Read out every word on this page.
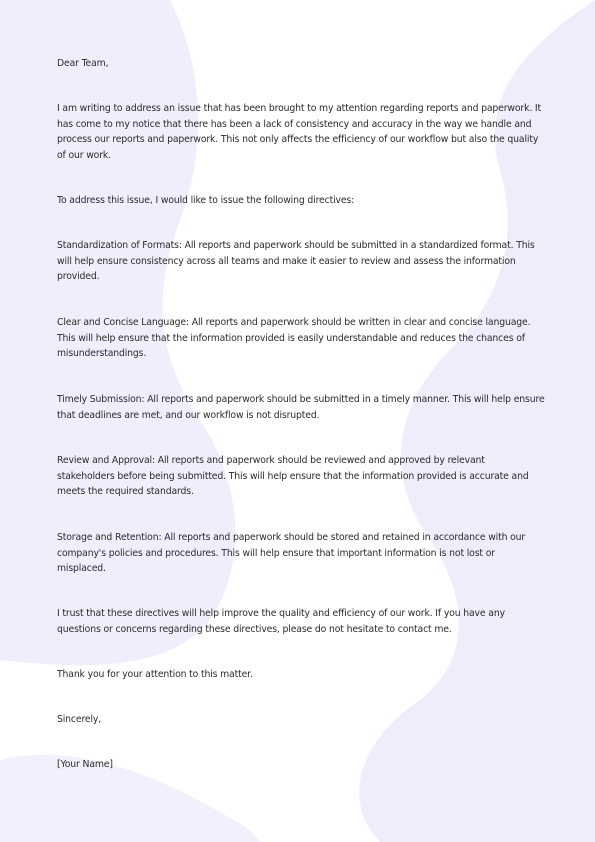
Dear Team,

I am writing to address an issue that has been brought to my attention regarding reports and paperwork. It has come to my notice that there has been a lack of consistency and accuracy in the way we handle and process our reports and paperwork. This not only affects the efficiency of our workflow but also the quality of our work.

To address this issue, I would like to issue the following directives:

Standardization of Formats: All reports and paperwork should be submitted in a standardized format. This will help ensure consistency across all teams and make it easier to review and assess the information provided.

Clear and Concise Language: All reports and paperwork should be written in clear and concise language. This will help ensure that the information provided is easily understandable and reduces the chances of misunderstandings.

Timely Submission: All reports and paperwork should be submitted in a timely manner. This will help ensure that deadlines are met, and our workflow is not disrupted.

Review and Approval: All reports and paperwork should be reviewed and approved by relevant stakeholders before being submitted. This will help ensure that the information provided is accurate and meets the required standards.

Storage and Retention: All reports and paperwork should be stored and retained in accordance with our company's policies and procedures. This will help ensure that important information is not lost or misplaced.

I trust that these directives will help improve the quality and efficiency of our work. If you have any questions or concerns regarding these directives, please do not hesitate to contact me.

Thank you for your attention to this matter.

Sincerely,

[Your Name]
